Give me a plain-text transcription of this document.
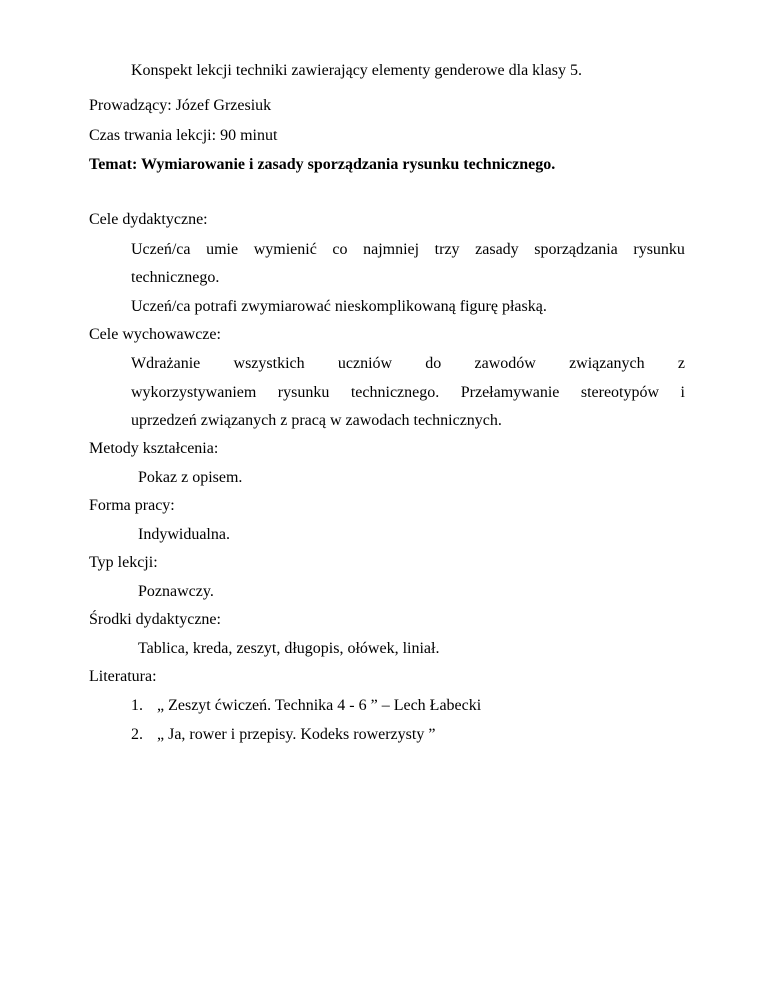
Konspekt lekcji techniki zawierający elementy genderowe dla klasy 5.
Prowadzący: Józef Grzesiuk
Czas trwania lekcji: 90 minut
Temat: Wymiarowanie i zasady sporządzania rysunku technicznego.
Cele dydaktyczne:
Uczeń/ca umie wymienić co najmniej trzy zasady sporządzania rysunku
technicznego.
Uczeń/ca potrafi zwymiarować nieskomplikowaną figurę płaską.
Cele wychowawcze:
Wdrażanie wszystkich uczniów do zawodów związanych z
wykorzystywaniem rysunku technicznego. Przełamywanie stereotypów i
uprzedzeń związanych z pracą w zawodach technicznych.
Metody kształcenia:
Pokaz z opisem.
Forma pracy:
Indywidualna.
Typ lekcji:
Poznawczy.
Środki dydaktyczne:
Tablica, kreda, zeszyt, długopis, ołówek, liniał.
Literatura:
1. „ Zeszyt ćwiczeń. Technika 4 - 6 ” – Lech Łabecki
2. „ Ja, rower i przepisy. Kodeks rowerzysty ”
